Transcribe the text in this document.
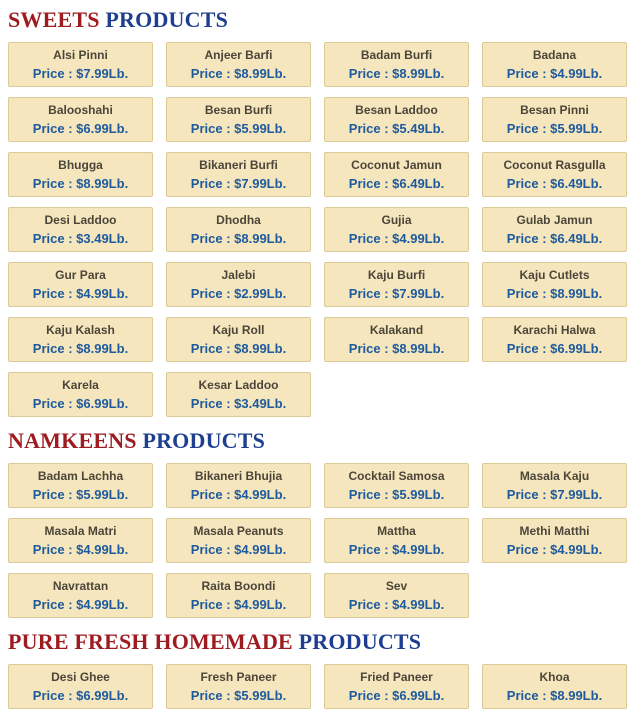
SWEETS PRODUCTS
Alsi Pinni
Price : $7.99Lb.
Anjeer Barfi
Price : $8.99Lb.
Badam Burfi
Price : $8.99Lb.
Badana
Price : $4.99Lb.
Balooshahi
Price : $6.99Lb.
Besan Burfi
Price : $5.99Lb.
Besan Laddoo
Price : $5.49Lb.
Besan Pinni
Price : $5.99Lb.
Bhugga
Price : $8.99Lb.
Bikaneri Burfi
Price : $7.99Lb.
Coconut Jamun
Price : $6.49Lb.
Coconut Rasgulla
Price : $6.49Lb.
Desi Laddoo
Price : $3.49Lb.
Dhodha
Price : $8.99Lb.
Gujia
Price : $4.99Lb.
Gulab Jamun
Price : $6.49Lb.
Gur Para
Price : $4.99Lb.
Jalebi
Price : $2.99Lb.
Kaju Burfi
Price : $7.99Lb.
Kaju Cutlets
Price : $8.99Lb.
Kaju Kalash
Price : $8.99Lb.
Kaju Roll
Price : $8.99Lb.
Kalakand
Price : $8.99Lb.
Karachi Halwa
Price : $6.99Lb.
Karela
Price : $6.99Lb.
Kesar Laddoo
Price : $3.49Lb.
NAMKEENS PRODUCTS
Badam Lachha
Price : $5.99Lb.
Bikaneri Bhujia
Price : $4.99Lb.
Cocktail Samosa
Price : $5.99Lb.
Masala Kaju
Price : $7.99Lb.
Masala Matri
Price : $4.99Lb.
Masala Peanuts
Price : $4.99Lb.
Mattha
Price : $4.99Lb.
Methi Matthi
Price : $4.99Lb.
Navrattan
Price : $4.99Lb.
Raita Boondi
Price : $4.99Lb.
Sev
Price : $4.99Lb.
PURE FRESH HOMEMADE PRODUCTS
Desi Ghee
Price : $6.99Lb.
Fresh Paneer
Price : $5.99Lb.
Fried Paneer
Price : $6.99Lb.
Khoa
Price : $8.99Lb.
